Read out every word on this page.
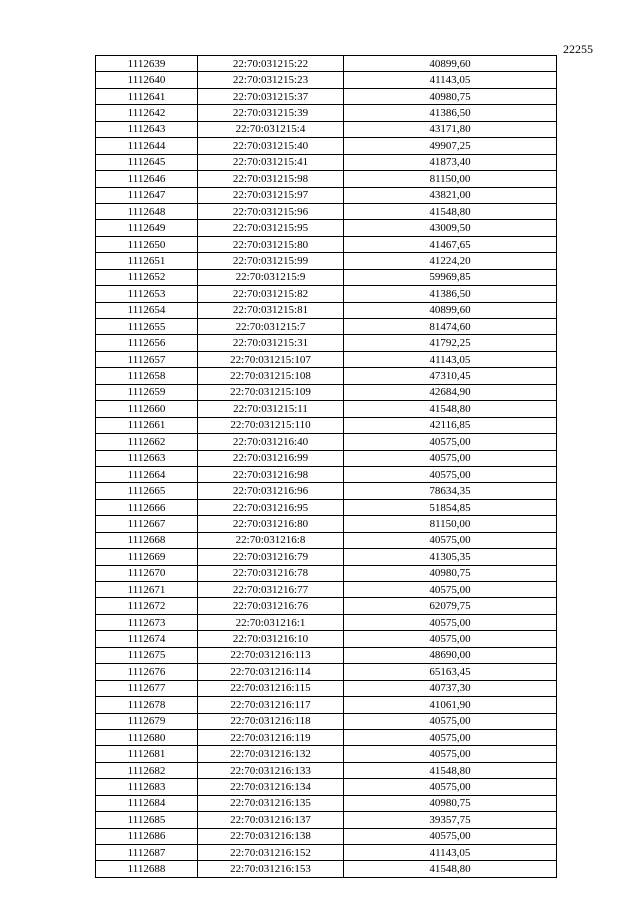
22255
1112639	22:70:031215:22	40899,60
1112640	22:70:031215:23	41143,05
1112641	22:70:031215:37	40980,75
1112642	22:70:031215:39	41386,50
1112643	22:70:031215:4	43171,80
1112644	22:70:031215:40	49907,25
1112645	22:70:031215:41	41873,40
1112646	22:70:031215:98	81150,00
1112647	22:70:031215:97	43821,00
1112648	22:70:031215:96	41548,80
1112649	22:70:031215:95	43009,50
1112650	22:70:031215:80	41467,65
1112651	22:70:031215:99	41224,20
1112652	22:70:031215:9	59969,85
1112653	22:70:031215:82	41386,50
1112654	22:70:031215:81	40899,60
1112655	22:70:031215:7	81474,60
1112656	22:70:031215:31	41792,25
1112657	22:70:031215:107	41143,05
1112658	22:70:031215:108	47310,45
1112659	22:70:031215:109	42684,90
1112660	22:70:031215:11	41548,80
1112661	22:70:031215:110	42116,85
1112662	22:70:031216:40	40575,00
1112663	22:70:031216:99	40575,00
1112664	22:70:031216:98	40575,00
1112665	22:70:031216:96	78634,35
1112666	22:70:031216:95	51854,85
1112667	22:70:031216:80	81150,00
1112668	22:70:031216:8	40575,00
1112669	22:70:031216:79	41305,35
1112670	22:70:031216:78	40980,75
1112671	22:70:031216:77	40575,00
1112672	22:70:031216:76	62079,75
1112673	22:70:031216:1	40575,00
1112674	22:70:031216:10	40575,00
1112675	22:70:031216:113	48690,00
1112676	22:70:031216:114	65163,45
1112677	22:70:031216:115	40737,30
1112678	22:70:031216:117	41061,90
1112679	22:70:031216:118	40575,00
1112680	22:70:031216:119	40575,00
1112681	22:70:031216:132	40575,00
1112682	22:70:031216:133	41548,80
1112683	22:70:031216:134	40575,00
1112684	22:70:031216:135	40980,75
1112685	22:70:031216:137	39357,75
1112686	22:70:031216:138	40575,00
1112687	22:70:031216:152	41143,05
1112688	22:70:031216:153	41548,80
